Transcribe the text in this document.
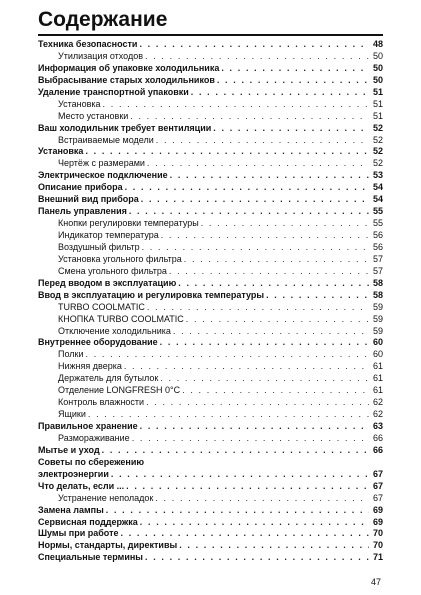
Содержание
Техника безопасности . . .	48
Утилизация отходов . . .	50
Информация об упаковке холодильника . . .	50
Выбрасывание старых холодильников . . .	50
Удаление транспортной упаковки . . .	51
Установка . . .	51
Место установки . . .	51
Ваш холодильник требует вентиляции . . .	52
Встраиваемые модели . . .	52
Установка . . .	52
Чертёж с размерами . . .	52
Электрическое подключение . . .	53
Описание прибора . . .	54
Внешний вид прибора . . .	54
Панель управления . . .	55
Кнопки регулировки температуры . . .	55
Индикатор температура . . .	56
Воздушный фильтр . . .	56
Установка угольного фильтра . . .	57
Смена угольного фильтра . . .	57
Перед вводом в эксплуатацию . . .	58
Ввод в эксплуатацию и регулировка температуры . . .	58
TURBO COOLMATIC . . .	59
КНОПКА TURBO COOLMATIC . . .	59
Отключение холодильника . . .	59
Внутреннее оборудование . . .	60
Полки . . .	60
Нижняя дверка . . .	61
Держатель для бутылок . . .	61
Отделение LONGFRESH 0°C . . .	61
Контроль влажности . . .	62
Ящики . . .	62
Правильное хранение . . .	63
Размораживание . . .	66
Мытье и уход . . .	66
Советы по сбережению
электроэнергии . . .	67
Что делать, если ... . . .	67
Устранение неполадок . . .	67
Замена лампы . . .	69
Сервисная поддержка . . .	69
Шумы при работе . . .	70
Нормы, стандарты, директивы . . .	70
Специальные термины . . .	71
47
